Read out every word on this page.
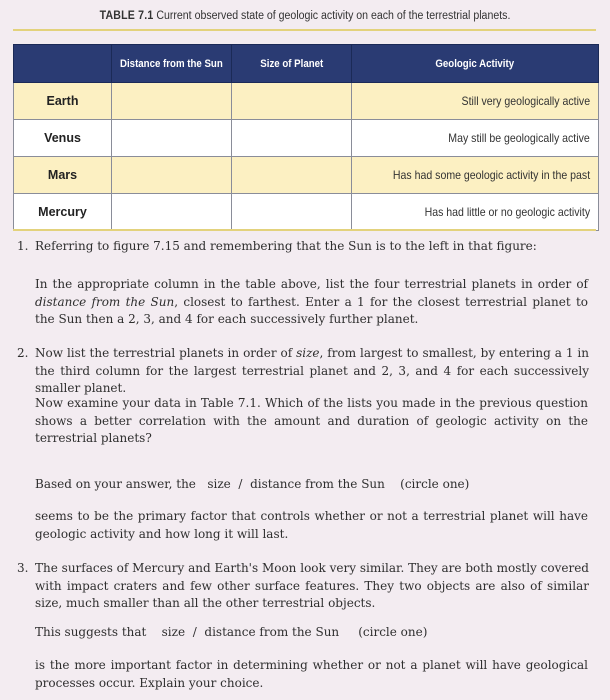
TABLE 7.1 Current observed state of geologic activity on each of the terrestrial planets.
	Distance from the Sun	Size of Planet	Geologic Activity
Earth			Still very geologically active
Venus			May still be geologically active
Mars			Has had some geologic activity in the past
Mercury			Has had little or no geologic activity
1. Referring to figure 7.15 and remembering that the Sun is to the left in that figure:

In the appropriate column in the table above, list the four terrestrial planets in order of distance from the Sun, closest to farthest. Enter a 1 for the closest terrestrial planet to the Sun then a 2, 3, and 4 for each successively further planet.
2. Now list the terrestrial planets in order of size, from largest to smallest, by entering a 1 in the third column for the largest terrestrial planet and 2, 3, and 4 for each successively smaller planet.

Now examine your data in Table 7.1. Which of the lists you made in the previous question shows a better correlation with the amount and duration of geologic activity on the terrestrial planets?
Based on your answer, the size / distance from the Sun (circle one)
seems to be the primary factor that controls whether or not a terrestrial planet will have geologic activity and how long it will last.
3. The surfaces of Mercury and Earth's Moon look very similar. They are both mostly covered with impact craters and few other surface features. They two objects are also of similar size, much smaller than all the other terrestrial objects.

This suggests that size / distance from the Sun (circle one)
is the more important factor in determining whether or not a planet will have geological processes occur. Explain your choice.
